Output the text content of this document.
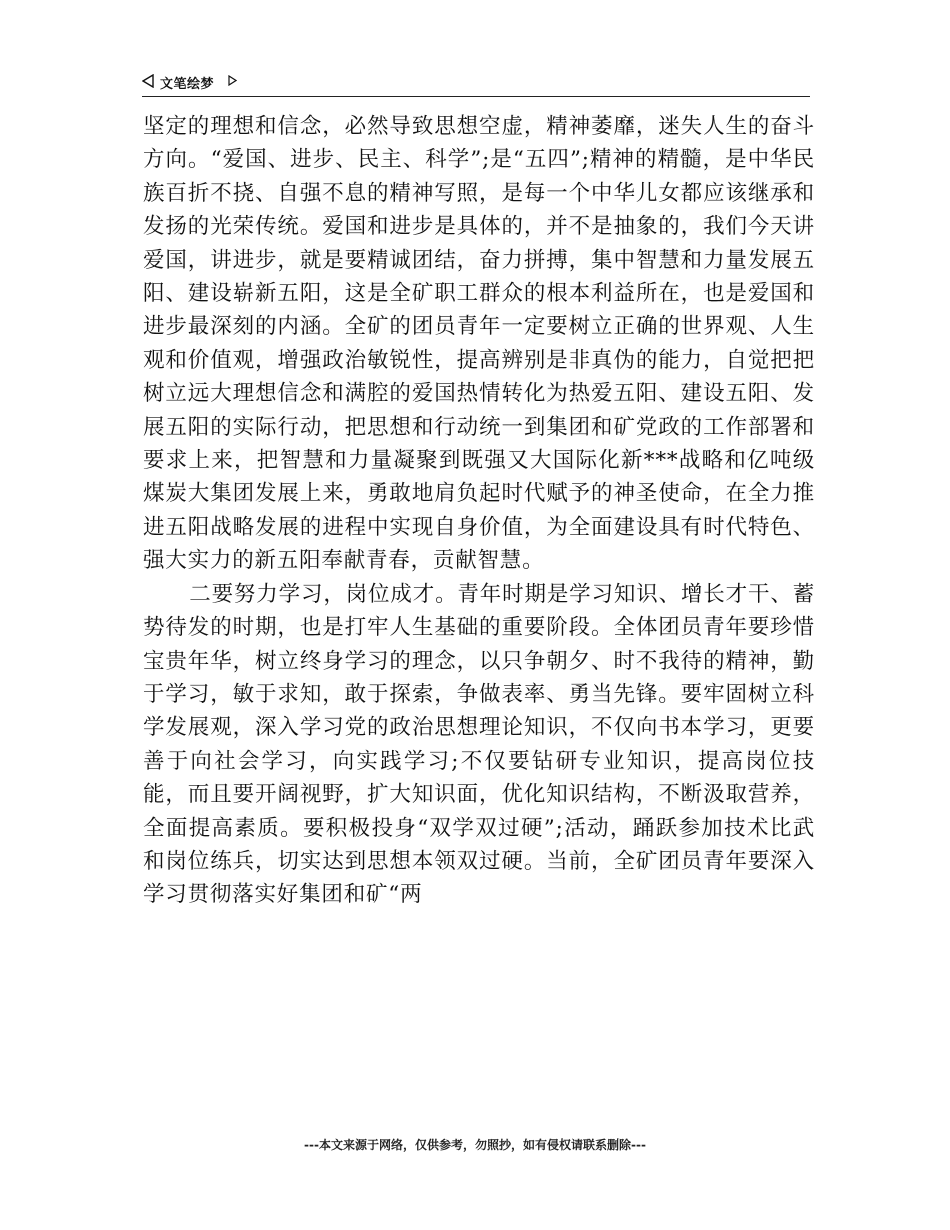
文笔绘梦

坚定的理想和信念，必然导致思想空虚，精神萎靡，迷失人生的奋斗方向。“爱国、进步、民主、科学”;是“五四”;精神的精髓，是中华民族百折不挠、自强不息的精神写照，是每一个中华儿女都应该继承和发扬的光荣传统。爱国和进步是具体的，并不是抽象的，我们今天讲爱国，讲进步，就是要精诚团结，奋力拼搏，集中智慧和力量发展五阳、建设崭新五阳，这是全矿职工群众的根本利益所在，也是爱国和进步最深刻的内涵。全矿的团员青年一定要树立正确的世界观、人生观和价值观，增强政治敏锐性，提高辨别是非真伪的能力，自觉把把树立远大理想信念和满腔的爱国热情转化为热爱五阳、建设五阳、发展五阳的实际行动，把思想和行动统一到集团和矿党政的工作部署和要求上来，把智慧和力量凝聚到既强又大国际化新***战略和亿吨级煤炭大集团发展上来，勇敢地肩负起时代赋予的神圣使命，在全力推进五阳战略发展的进程中实现自身价值，为全面建设具有时代特色、强大实力的新五阳奉献青春，贡献智慧。

二要努力学习，岗位成才。青年时期是学习知识、增长才干、蓄势待发的时期，也是打牢人生基础的重要阶段。全体团员青年要珍惜宝贵年华，树立终身学习的理念，以只争朝夕、时不我待的精神，勤于学习，敏于求知，敢于探索，争做表率、勇当先锋。要牢固树立科学发展观，深入学习党的政治思想理论知识，不仅向书本学习，更要善于向社会学习，向实践学习;不仅要钻研专业知识，提高岗位技能，而且要开阔视野，扩大知识面，优化知识结构，不断汲取营养，全面提高素质。要积极投身“双学双过硬”;活动，踊跃参加技术比武和岗位练兵，切实达到思想本领双过硬。当前，全矿团员青年要深入学习贯彻落实好集团和矿“两

---本文来源于网络，仅供参考，勿照抄，如有侵权请联系删除---
